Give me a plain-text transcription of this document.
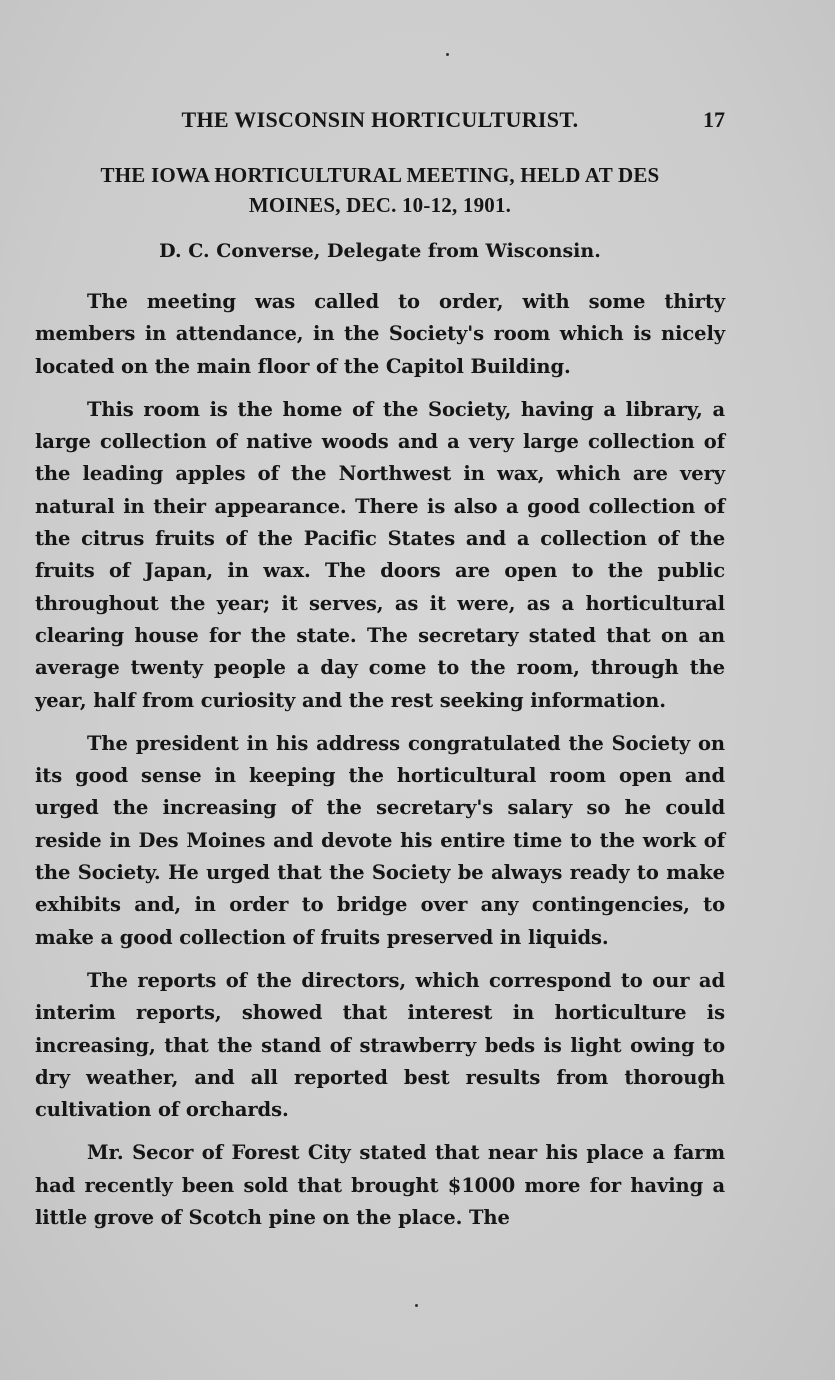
THE WISCONSIN HORTICULTURIST.	17
THE IOWA HORTICULTURAL MEETING, HELD AT DES
MOINES, DEC. 10-12, 1901.
D. C. Converse, Delegate from Wisconsin.

The meeting was called to order, with some thirty members in attendance, in the Society's room which is nicely located on the main floor of the Capitol Building.

This room is the home of the Society, having a library, a large collection of native woods and a very large collection of the leading apples of the Northwest in wax, which are very natural in their appearance. There is also a good collection of the citrus fruits of the Pacific States and a collection of the fruits of Japan, in wax. The doors are open to the public throughout the year; it serves, as it were, as a horticultural clearing house for the state. The secretary stated that on an average twenty people a day come to the room, through the year, half from curiosity and the rest seeking information.

The president in his address congratulated the Society on its good sense in keeping the horticultural room open and urged the increasing of the secretary's salary so he could reside in Des Moines and devote his entire time to the work of the Society. He urged that the Society be always ready to make exhibits and, in order to bridge over any contingencies, to make a good collection of fruits preserved in liquids.

The reports of the directors, which correspond to our ad interim reports, showed that interest in horticulture is increasing, that the stand of strawberry beds is light owing to dry weather, and all reported best results from thorough cultivation of orchards.

Mr. Secor of Forest City stated that near his place a farm had recently been sold that brought $1000 more for having a little grove of Scotch pine on the place. The
